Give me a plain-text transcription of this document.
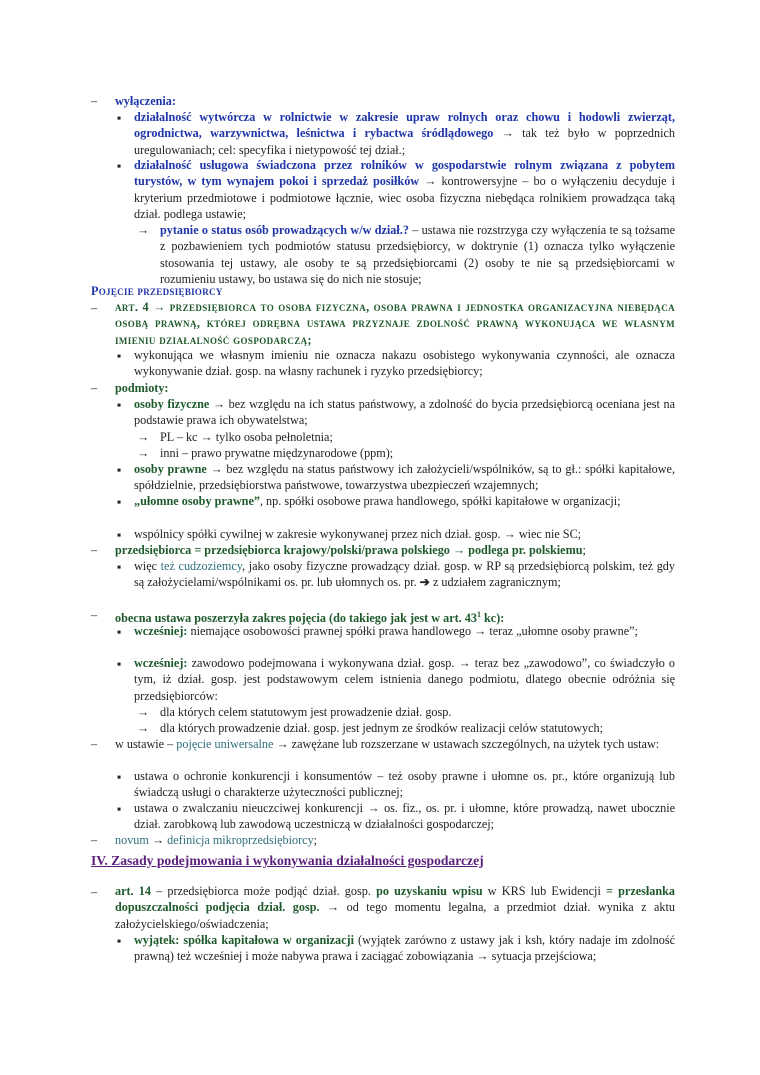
– wyłączenia:
▪ działalność wytwórcza w rolnictwie w zakresie upraw rolnych oraz chowu i hodowli zwierząt, ogrodnictwa, warzywnictwa, leśnictwa i rybactwa śródlądowego → tak też było w poprzednich uregulowaniach; cel: specyfika i nietypowość tej dział.;
▪ działalność usługowa świadczona przez rolników w gospodarstwie rolnym związana z pobytem turystów, w tym wynajem pokoi i sprzedaż posiłków → kontrowersyjne – bo o wyłączeniu decyduje i kryterium przedmiotowe i podmiotowe łącznie, wiec osoba fizyczna niebędąca rolnikiem prowadząca taką dział. podlega ustawie;
→ pytanie o status osób prowadzących w/w dział.? – ustawa nie rozstrzyga czy wyłączenia te są tożsame z pozbawieniem tych podmiotów statusu przedsiębiorcy, w doktrynie (1) oznacza tylko wyłączenie stosowania tej ustawy, ale osoby te są przedsiębiorcami (2) osoby te nie są przedsiębiorcami w rozumieniu ustawy, bo ustawa się do nich nie stosuje;
Pojęcie przedsiębiorcy
– art. 4 → przedsiębiorca to osoba fizyczna, osoba prawna i jednostka organizacyjna niebędąca osobą prawną, której odrębna ustawa przyznaje zdolność prawną wykonująca we własnym imieniu działalność gospodarczą;
▪ wykonująca we własnym imieniu nie oznacza nakazu osobistego wykonywania czynności, ale oznacza wykonywanie dział. gosp. na własny rachunek i ryzyko przedsiębiorcy;
– podmioty:
▪ osoby fizyczne → bez względu na ich status państwowy, a zdolność do bycia przedsiębiorcą oceniana jest na podstawie prawa ich obywatelstwa;
→ PL – kc → tylko osoba pełnoletnia;
→ inni – prawo prywatne międzynarodowe (ppm);
▪ osoby prawne → bez względu na status państwowy ich założycieli/wspólników, są to gł.: spółki kapitałowe, spółdzielnie, przedsiębiorstwa państwowe, towarzystwa ubezpieczeń wzajemnych;
▪ „ułomne osoby prawne”, np. spółki osobowe prawa handlowego, spółki kapitałowe w organizacji;
▪ wspólnicy spółki cywilnej w zakresie wykonywanej przez nich dział. gosp. → wiec nie SC;
– przedsiębiorca = przedsiębiorca krajowy/polski/prawa polskiego → podlega pr. polskiemu;
▪ więc też cudzoziemcy, jako osoby fizyczne prowadzący dział. gosp. w RP są przedsiębiorcą polskim, też gdy są założycielami/wspólnikami os. pr. lub ułomnych os. pr. ➔ z udziałem zagranicznym;
– obecna ustawa poszerzyła zakres pojęcia (do takiego jak jest w art. $43^1$ kc):
▪ wcześniej: niemające osobowości prawnej spółki prawa handlowego → teraz „ułomne osoby prawne”;
▪ wcześniej: zawodowo podejmowana i wykonywana dział. gosp. → teraz bez „zawodowo”, co świadczyło o tym, iż dział. gosp. jest podstawowym celem istnienia danego podmiotu, dlatego obecnie odróżnia się przedsiębiorców:
→ dla których celem statutowym jest prowadzenie dział. gosp.
→ dla których prowadzenie dział. gosp. jest jednym ze środków realizacji celów statutowych;
– w ustawie – pojęcie uniwersalne → zawężane lub rozszerzane w ustawach szczególnych, na użytek tych ustaw:
▪ ustawa o ochronie konkurencji i konsumentów – też osoby prawne i ułomne os. pr., które organizują lub świadczą usługi o charakterze użyteczności publicznej;
▪ ustawa o zwalczaniu nieuczciwej konkurencji → os. fiz., os. pr. i ułomne, które prowadzą, nawet ubocznie dział. zarobkową lub zawodową uczestniczą w działalności gospodarczej;
– novum → definicja mikroprzedsiębiorcy;
IV. Zasady podejmowania i wykonywania działalności gospodarczej
– art. 14 – przedsiębiorca może podjąć dział. gosp. po uzyskaniu wpisu w KRS lub Ewidencji = przesłanka dopuszczalności podjęcia dział. gosp. → od tego momentu legalna, a przedmiot dział. wynika z aktu założycielskiego/oświadczenia;
▪ wyjątek: spółka kapitałowa w organizacji (wyjątek zarówno z ustawy jak i ksh, który nadaje im zdolność prawną) też wcześniej i może nabywa prawa i zaciągać zobowiązania → sytuacja przejściowa;
